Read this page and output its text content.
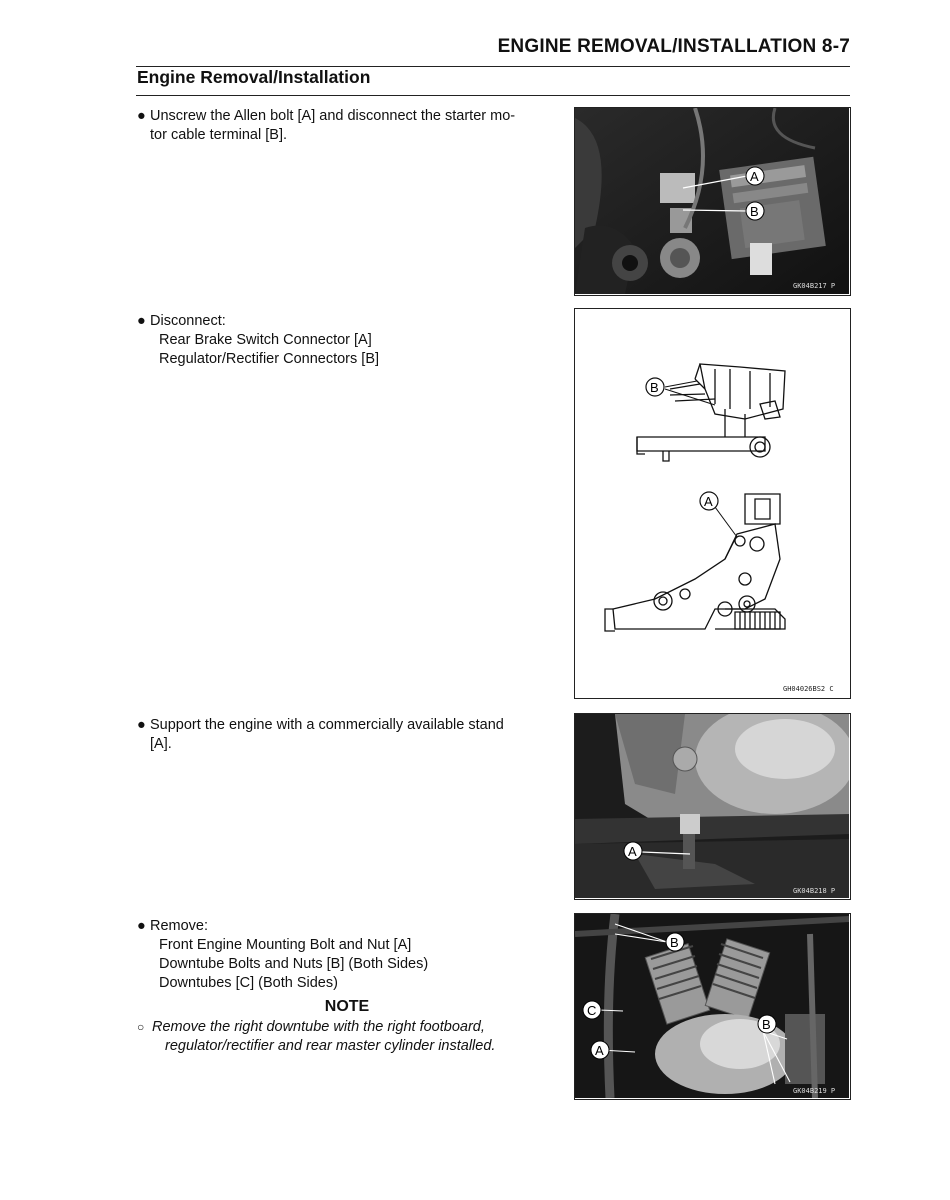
ENGINE REMOVAL/INSTALLATION 8-7
Engine Removal/Installation
● Unscrew the Allen bolt [A] and disconnect the starter mo-
tor cable terminal [B].
A
B
GK04B217 P
● Disconnect:
Rear Brake Switch Connector [A]
Regulator/Rectifier Connectors [B]
B
A
GH04026BS2 C
● Support the engine with a commercially available stand
[A].
A
GK04B218 P
● Remove:
Front Engine Mounting Bolt and Nut [A]
Downtube Bolts and Nuts [B] (Both Sides)
Downtubes [C] (Both Sides)
NOTE
○ Remove the right downtube with the right footboard,
regulator/rectifier and rear master cylinder installed.
B
C
B
A
GK04B219 P
